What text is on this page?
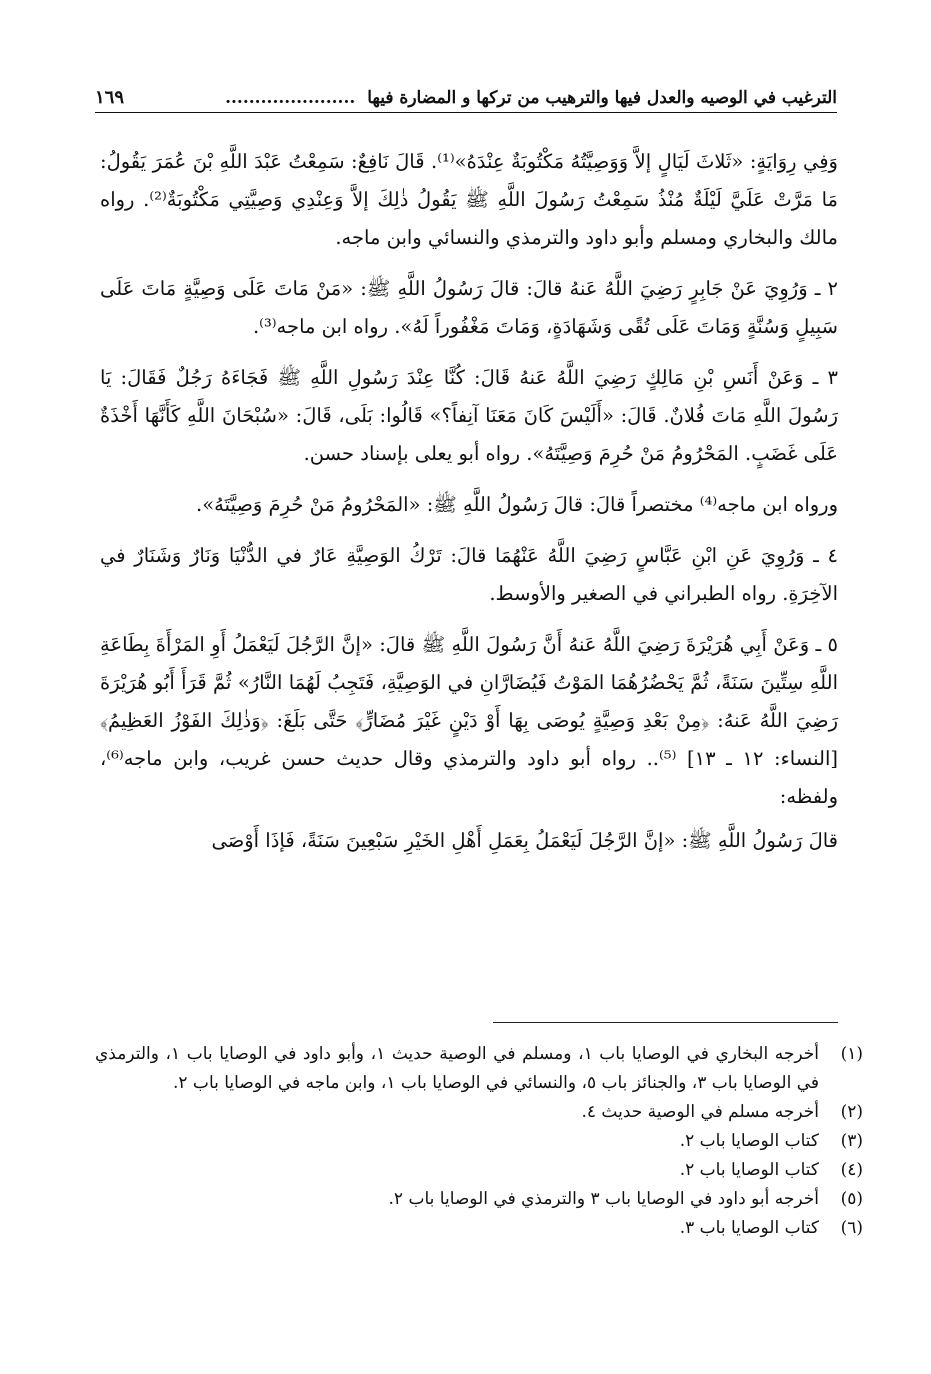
الترغيب في الوصيه والعدل فيها والترهيب من تركها و المضارة فيها ......................
١٦٩

وَفِي رِوَايَةٍ: «ثَلاثَ لَيَالٍ إلاَّ وَوَصِيَّتُهُ مَكْتُوبَةٌ عِنْدَهُ»⁽¹⁾. قَالَ نَافِعٌ: سَمِعْتُ عَبْدَ اللَّهِ بْنَ عُمَرَ يَقُولُ: مَا مَرَّتْ عَلَيَّ لَيْلَةٌ مُنْذُ سَمِعْتُ رَسُولَ اللَّهِ ﷺ يَقُولُ ذٰلِكَ إلاَّ وَعِنْدِي وَصِيَّتِي مَكْتُوبَةٌ⁽²⁾. رواه مالك والبخاري ومسلم وأبو داود والترمذي والنسائي وابن ماجه.

٢ ـ وَرُوِيَ عَنْ جَابِرٍ رَضِيَ اللَّهُ عَنهُ قالَ: قالَ رَسُولُ اللَّهِ ﷺ: «مَنْ مَاتَ عَلَى وَصِيَّةٍ مَاتَ عَلَى سَبِيلٍ وَسُنَّةٍ وَمَاتَ عَلَى تُقًى وَشَهَادَةٍ، وَمَاتَ مَغْفُوراً لَهُ». رواه ابن ماجه⁽³⁾.

٣ ـ وَعَنْ أَنَسِ بْنِ مَالِكٍ رَضِيَ اللَّهُ عَنهُ قَالَ: كُنَّا عِنْدَ رَسُولِ اللَّهِ ﷺ فَجَاءَهُ رَجُلٌ فَقَالَ: يَا رَسُولَ اللَّهِ مَاتَ فُلانٌ. قَالَ: «أَلَيْسَ كَانَ مَعَنَا آنِفاً؟» قَالُوا: بَلَى، قَالَ: «سُبْحَانَ اللَّهِ كَأَنَّهَا أَخْذَةٌ عَلَى غَضَبٍ. المَحْرُومُ مَنْ حُرِمَ وَصِيَّتَهُ». رواه أبو يعلى بإسناد حسن.

ورواه ابن ماجه⁽⁴⁾ مختصراً قالَ: قالَ رَسُولُ اللَّهِ ﷺ: «المَحْرُومُ مَنْ حُرِمَ وَصِيَّتَهُ».

٤ ـ وَرُوِيَ عَنِ ابْنِ عَبَّاسٍ رَضِيَ اللَّهُ عَنْهُمَا قالَ: تَرْكُ الوَصِيَّةِ عَارٌ في الدُّنْيَا وَنَارٌ وَشَنَارٌ في الآخِرَةِ. رواه الطبراني في الصغير والأوسط.

٥ ـ وَعَنْ أَبِي هُرَيْرَةَ رَضِيَ اللَّهُ عَنهُ أَنَّ رَسُولَ اللَّهِ ﷺ قالَ: «إنَّ الرَّجُلَ لَيَعْمَلُ أَوِ المَرْأَةَ بِطَاعَةِ اللَّهِ سِتِّينَ سَنَةً، ثُمَّ يَحْضُرُهُمَا المَوْتُ فَيُضَارَّانِ في الوَصِيَّةِ، فَتَجِبُ لَهُمَا النَّارُ» ثُمَّ قَرَأَ أَبُو هُرَيْرَةَ رَضِيَ اللَّهُ عَنهُ: ﴿مِنْ بَعْدِ وَصِيَّةٍ يُوصَى بِهَا أَوْ دَيْنٍ غَيْرَ مُضَارٍّ﴾ حَتَّى بَلَغَ: ﴿وَذٰلِكَ الفَوْزُ العَظِيمُ﴾ [النساء: ١٢ ـ ١٣] ⁽⁵⁾.. رواه أبو داود والترمذي وقال حديث حسن غريب، وابن ماجه⁽⁶⁾، ولفظه:

قالَ رَسُولُ اللَّهِ ﷺ: «إنَّ الرَّجُلَ لَيَعْمَلُ بِعَمَلِ أَهْلِ الخَيْرِ سَبْعِينَ سَنَةً، فَإذَا أَوْصَى

(١)
أخرجه البخاري في الوصايا باب ١، ومسلم في الوصية حديث ١، وأبو داود في الوصايا باب ١، والترمذي في الوصايا باب ٣، والجنائز باب ٥، والنسائي في الوصايا باب ١، وابن ماجه في الوصايا باب ٢.
(٢)
أخرجه مسلم في الوصية حديث ٤.
(٣)
كتاب الوصايا باب ٢.
(٤)
كتاب الوصايا باب ٢.
(٥)
أخرجه أبو داود في الوصايا باب ٣ والترمذي في الوصايا باب ٢.
(٦)
كتاب الوصايا باب ٣.
